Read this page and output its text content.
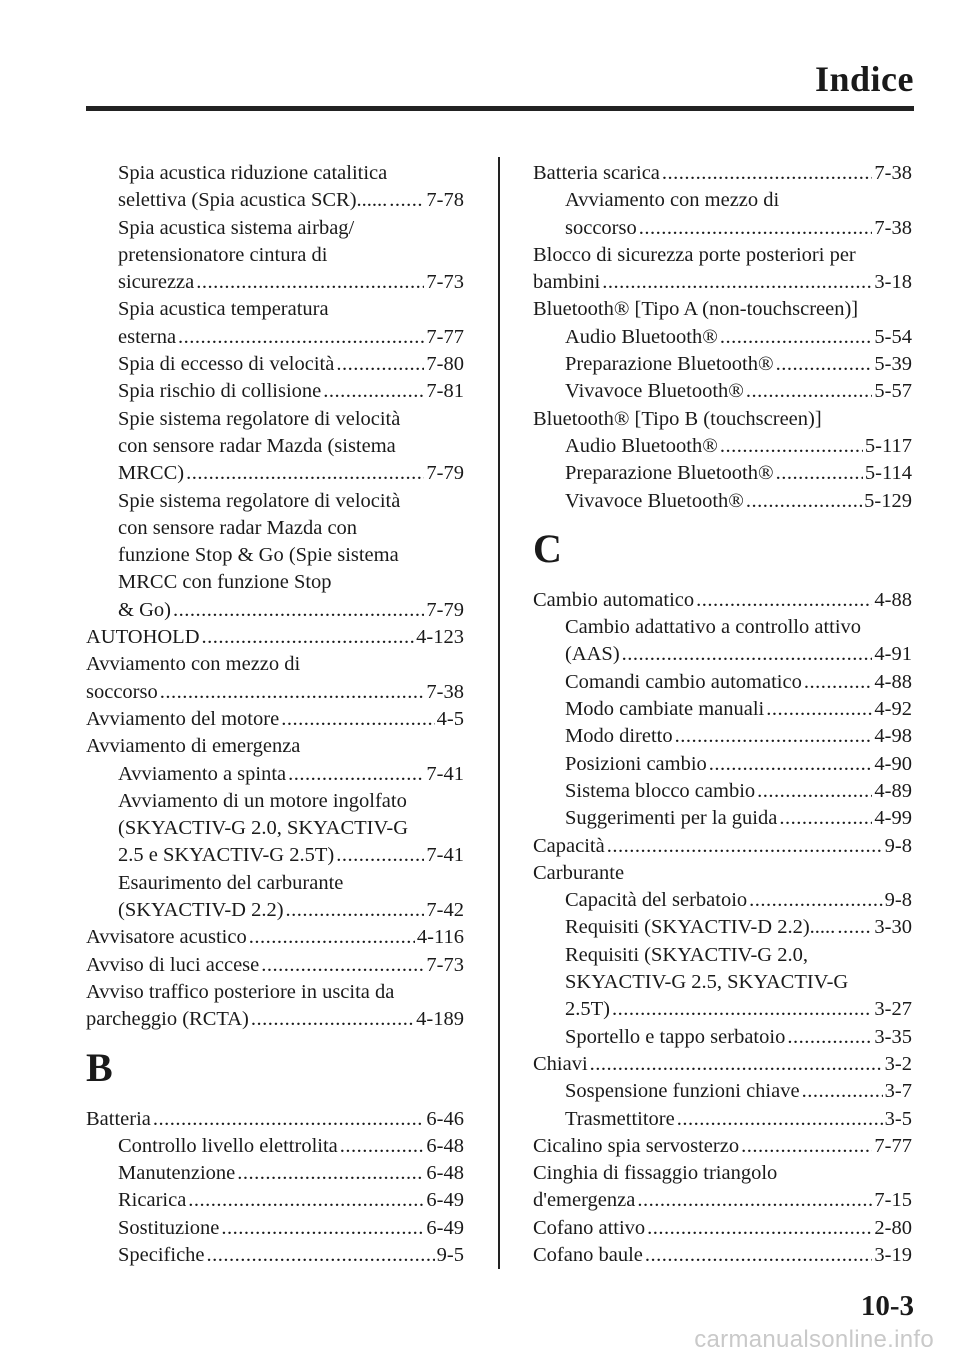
Indice
Spia acustica riduzione catalitica
selettiva (Spia acustica SCR)...... ..... 7-78
Spia acustica sistema airbag/
pretensionatore cintura di
sicurezza .....	7-73
Spia acustica temperatura
esterna .....	7-77
Spia di eccesso di velocità .....	7-80
Spia rischio di collisione .....	7-81
Spie sistema regolatore di velocità
con sensore radar Mazda (sistema
MRCC) .....	7-79
Spie sistema regolatore di velocità
con sensore radar Mazda con
funzione Stop & Go (Spie sistema
MRCC con funzione Stop
& Go) .....	7-79
AUTOHOLD .....	4-123
Avviamento con mezzo di
soccorso .....	7-38
Avviamento del motore .....	4-5
Avviamento di emergenza
Avviamento a spinta .....	7-41
Avviamento di un motore ingolfato
(SKYACTIV-G 2.0, SKYACTIV-G
2.5 e SKYACTIV-G 2.5T) .....	7-41
Esaurimento del carburante
(SKYACTIV-D 2.2) .....	7-42
Avvisatore acustico .....	4-116
Avviso di luci accese .....	7-73
Avviso traffico posteriore in uscita da
parcheggio (RCTA) .....	4-189
B
Batteria .....	6-46
Controllo livello elettrolita .....	6-48
Manutenzione .....	6-48
Ricarica .....	6-49
Sostituzione .....	6-49
Specifiche .....	9-5
Batteria scarica .....	7-38
Avviamento con mezzo di
soccorso .....	7-38
Blocco di sicurezza porte posteriori per
bambini .....	3-18
Bluetooth® [Tipo A (non-touchscreen)]
Audio Bluetooth® .....	5-54
Preparazione Bluetooth® .....	5-39
Vivavoce Bluetooth® .....	5-57
Bluetooth® [Tipo B (touchscreen)]
Audio Bluetooth® .....	5-117
Preparazione Bluetooth® .....	5-114
Vivavoce Bluetooth® .....	5-129
C
Cambio automatico .....	4-88
Cambio adattativo a controllo attivo
(AAS) .....	4-91
Comandi cambio automatico .....	4-88
Modo cambiate manuali .....	4-92
Modo diretto .....	4-98
Posizioni cambio .....	4-90
Sistema blocco cambio .....	4-89
Suggerimenti per la guida .....	4-99
Capacità .....	9-8
Carburante
Capacità del serbatoio .....	9-8
Requisiti (SKYACTIV-D 2.2)..... ..... 3-30
Requisiti (SKYACTIV-G 2.0,
SKYACTIV-G 2.5, SKYACTIV-G
2.5T) .....	3-27
Sportello e tappo serbatoio .....	3-35
Chiavi .....	3-2
Sospensione funzioni chiave .....	3-7
Trasmettitore .....	3-5
Cicalino spia servosterzo .....	7-77
Cinghia di fissaggio triangolo
d'emergenza .....	7-15
Cofano attivo .....	2-80
Cofano baule .....	3-19
10-3
carmanualsonline.info
